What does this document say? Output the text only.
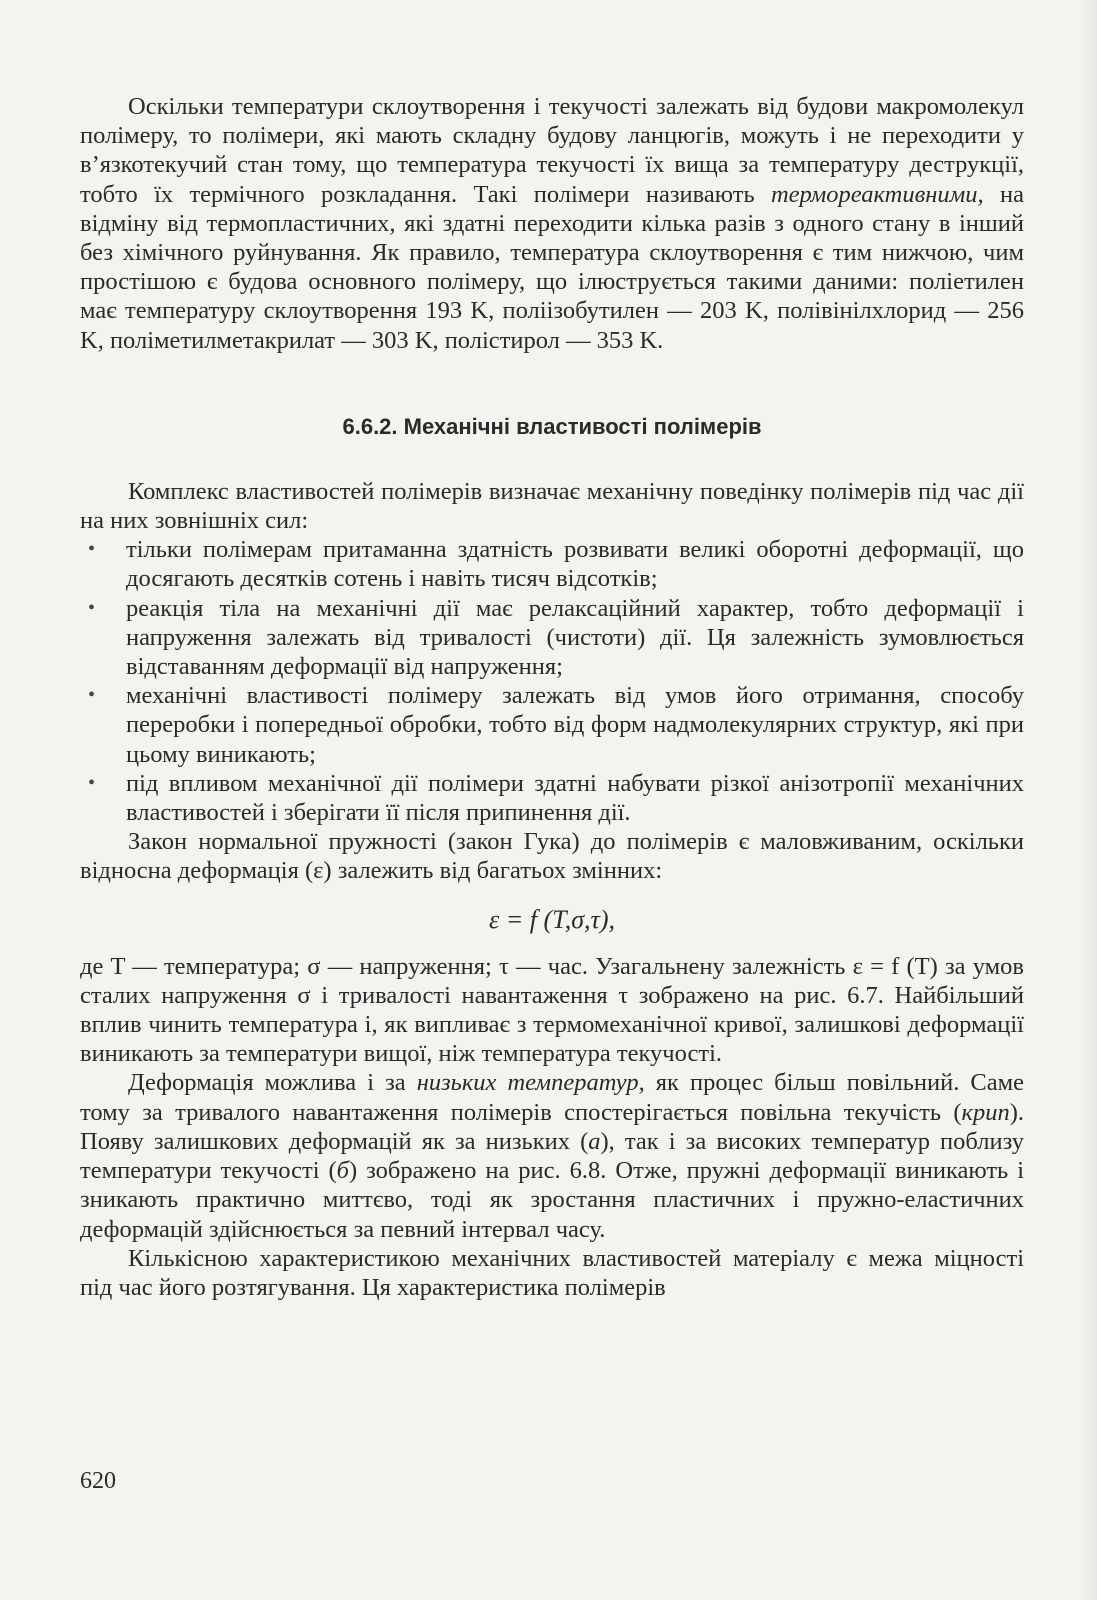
Оскільки температури склоутворення і текучості залежать від будови макромолекул полімеру, то полімери, які мають складну будову ланцюгів, можуть і не переходити у в’язкотекучий стан тому, що температура текучості їх вища за температуру деструкції, тобто їх термічного розкладання. Такі полімери називають термореактивними, на відміну від термопластичних, які здатні переходити кілька разів з одного стану в інший без хімічного руйнування. Як правило, температура склоутворення є тим нижчою, чим простішою є будова основного полімеру, що ілюструється такими даними: поліетилен має температуру склоутворення 193 K, поліізобутилен — 203 K, полівінілхлорид — 256 K, поліметилметакрилат — 303 K, полістирол — 353 K.

6.6.2. Механічні властивості полімерів

Комплекс властивостей полімерів визначає механічну поведінку полімерів під час дії на них зовнішніх сил:

• тільки полімерам притаманна здатність розвивати великі оборотні деформації, що досягають десятків сотень і навіть тисяч відсотків;
• реакція тіла на механічні дії має релаксаційний характер, тобто деформації і напруження залежать від тривалості (чистоти) дії. Ця залежність зумовлюється відставанням деформації від напруження;
• механічні властивості полімеру залежать від умов його отримання, способу переробки і попередньої обробки, тобто від форм надмолекулярних структур, які при цьому виникають;
• під впливом механічної дії полімери здатні набувати різкої анізотропії механічних властивостей і зберігати її після припинення дії.

Закон нормальної пружності (закон Гука) до полімерів є маловживаним, оскільки відносна деформація (ε) залежить від багатьох змінних:

ε = f (T,σ,τ),

де T — температура; σ — напруження; τ — час. Узагальнену залежність ε = f (T) за умов сталих напруження σ і тривалості навантаження τ зображено на рис. 6.7. Найбільший вплив чинить температура і, як випливає з термомеханічної кривої, залишкові деформації виникають за температури вищої, ніж температура текучості.

Деформація можлива і за низьких температур, як процес більш повільний. Саме тому за тривалого навантаження полімерів спостерігається повільна текучість (крип). Появу залишкових деформацій як за низьких (а), так і за високих температур поблизу температури текучості (б) зображено на рис. 6.8. Отже, пружні деформації виникають і зникають практично миттєво, тоді як зростання пластичних і пружно-еластичних деформацій здійснюється за певний інтервал часу.

Кількісною характеристикою механічних властивостей матеріалу є межа міцності під час його розтягування. Ця характеристика полімерів

620
